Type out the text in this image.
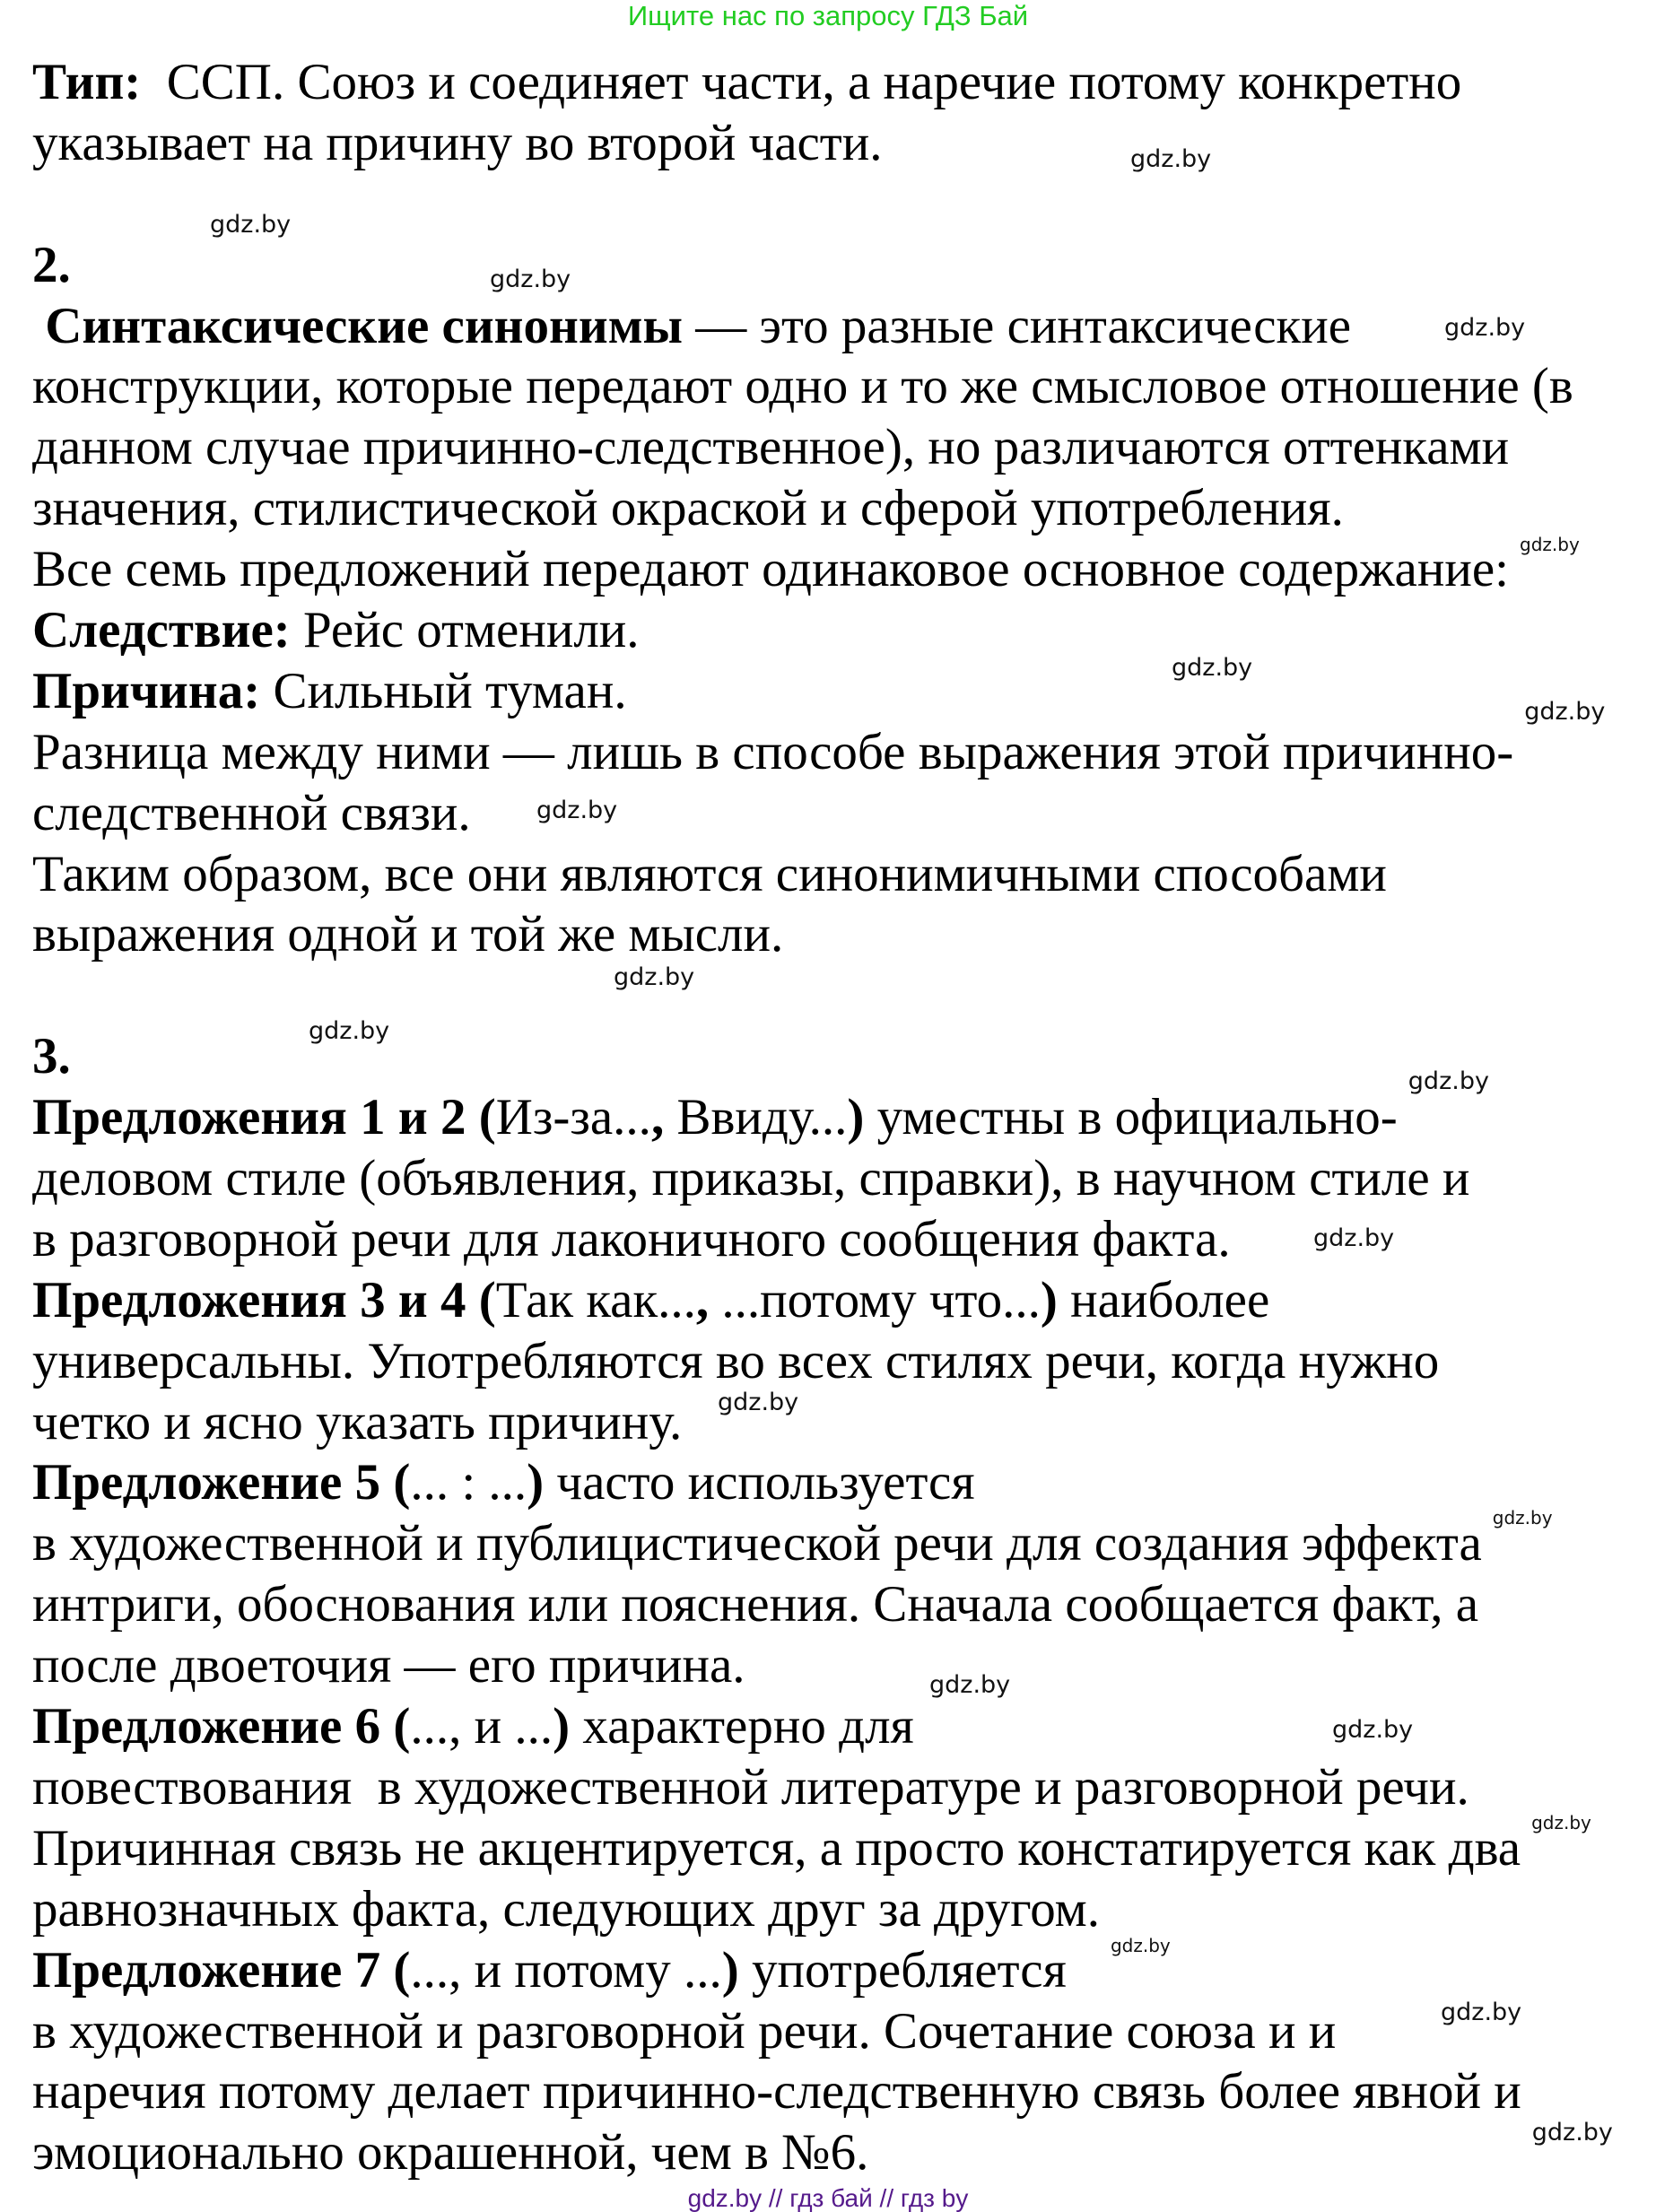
Ищите нас по запросу ГДЗ Бай
Тип:  ССП. Союз и соединяет части, а наречие потому конкретно
указывает на причину во второй части.
2.
Синтаксические синонимы — это разные синтаксические
конструкции, которые передают одно и то же смысловое отношение (в
данном случае причинно-следственное), но различаются оттенками
значения, стилистической окраской и сферой употребления.
Все семь предложений передают одинаковое основное содержание:
Следствие: Рейс отменили.
Причина: Сильный туман.
Разница между ними — лишь в способе выражения этой причинно-
следственной связи.
Таким образом, все они являются синонимичными способами
выражения одной и той же мысли.
3.
Предложения 1 и 2 (Из-за..., Ввиду...) уместны в официально-
деловом стиле (объявления, приказы, справки), в научном стиле и
в разговорной речи для лаконичного сообщения факта.
Предложения 3 и 4 (Так как..., ...потому что...) наиболее
универсальны. Употребляются во всех стилях речи, когда нужно
четко и ясно указать причину.
Предложение 5 (... : ...) часто используется
в художественной и публицистической речи для создания эффекта
интриги, обоснования или пояснения. Сначала сообщается факт, а
после двоеточия — его причина.
Предложение 6 (..., и ...) характерно для
повествования  в художественной литературе и разговорной речи.
Причинная связь не акцентируется, а просто констатируется как два
равнозначных факта, следующих друг за другом.
Предложение 7 (..., и потому ...) употребляется
в художественной и разговорной речи. Сочетание союза и и
наречия потому делает причинно-следственную связь более явной и
эмоционально окрашенной, чем в №6.
gdz.by
gdz.by
gdz.by
gdz.by
gdz.by
gdz.by
gdz.by
gdz.by
gdz.by
gdz.by
gdz.by
gdz.by
gdz.by
gdz.by
gdz.by
gdz.by
gdz.by
gdz.by
gdz.by
gdz.by
gdz.by // гдз бай // гдз by
